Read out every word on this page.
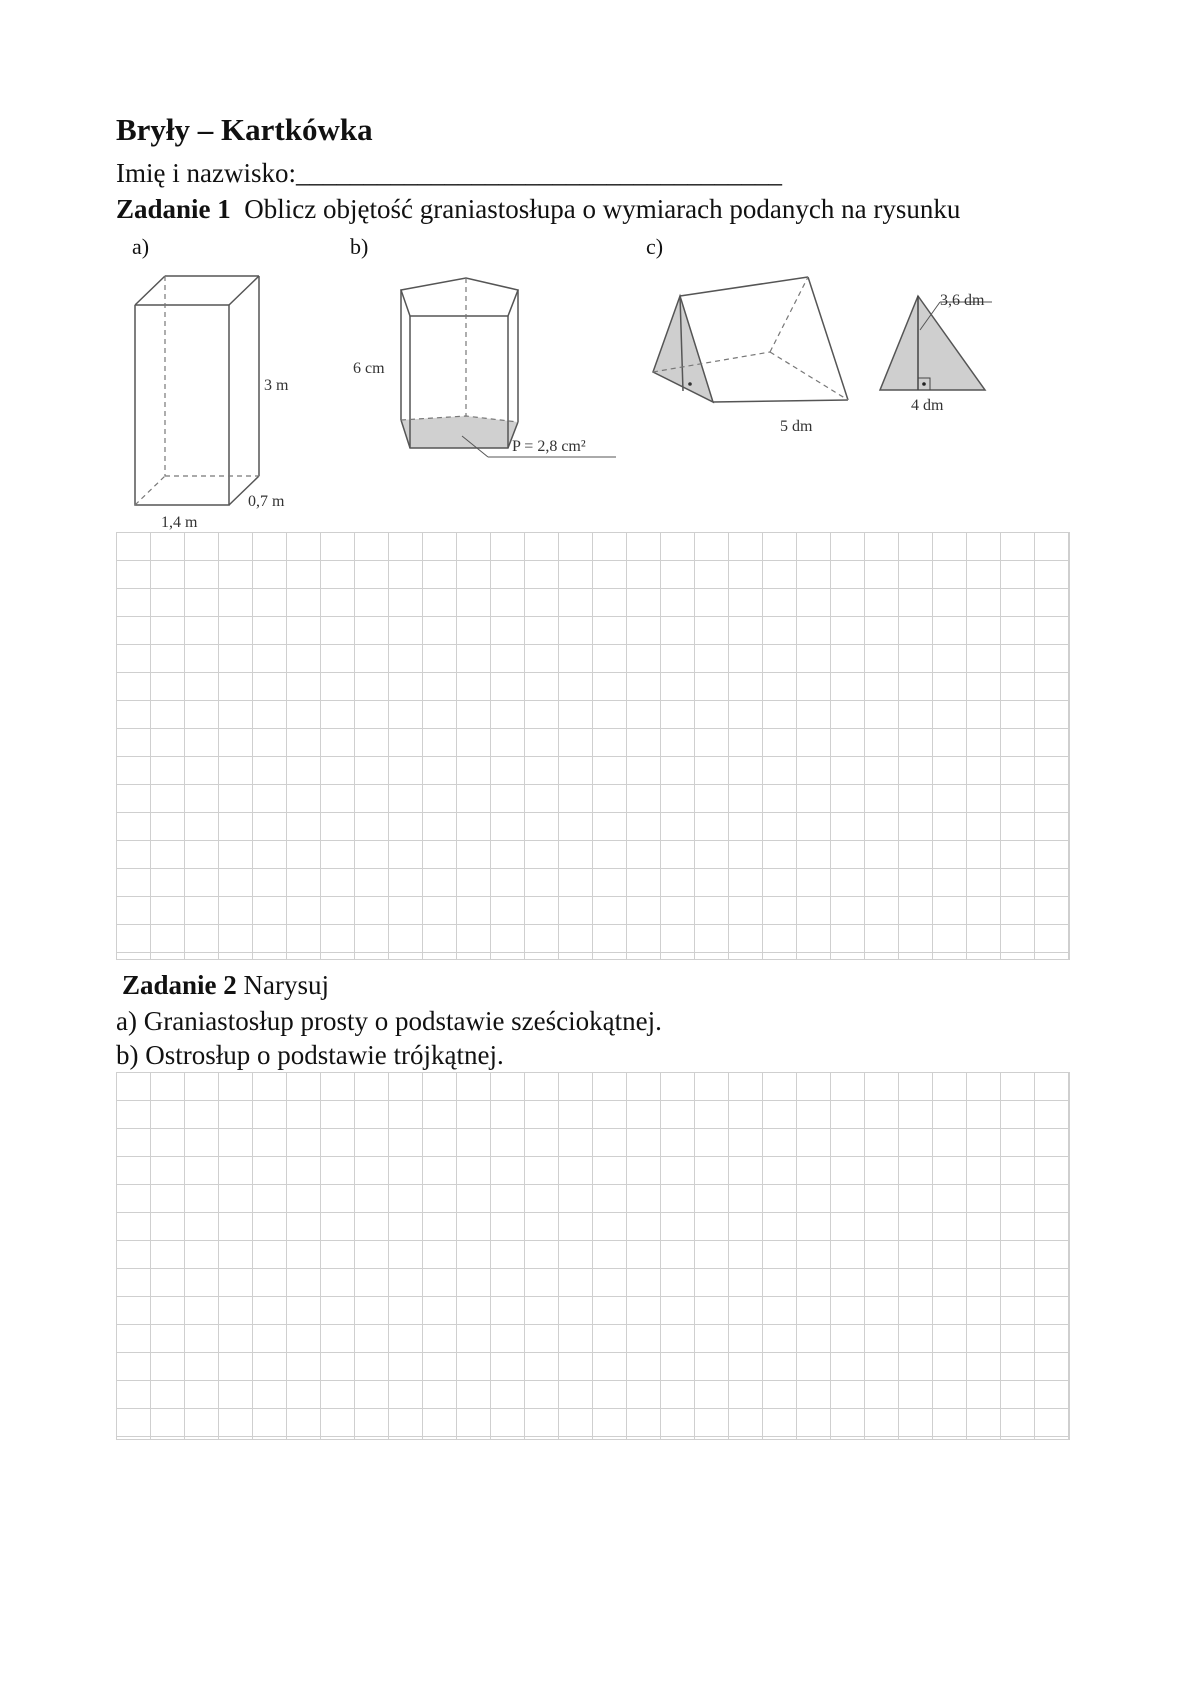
Bryły – Kartkówka
Imię i nazwisko:____________________________________
Zadanie 1 Oblicz objętość graniastosłupa o wymiarach podanych na rysunku
a)	b)	c)
3 m
0,7 m
1,4 m
6 cm
P = 2,8 cm²
5 dm
3,6 dm
4 dm
Zadanie 2 Narysuj
a) Graniastosłup prosty o podstawie sześciokątnej.
b) Ostrosłup o podstawie trójkątnej.
